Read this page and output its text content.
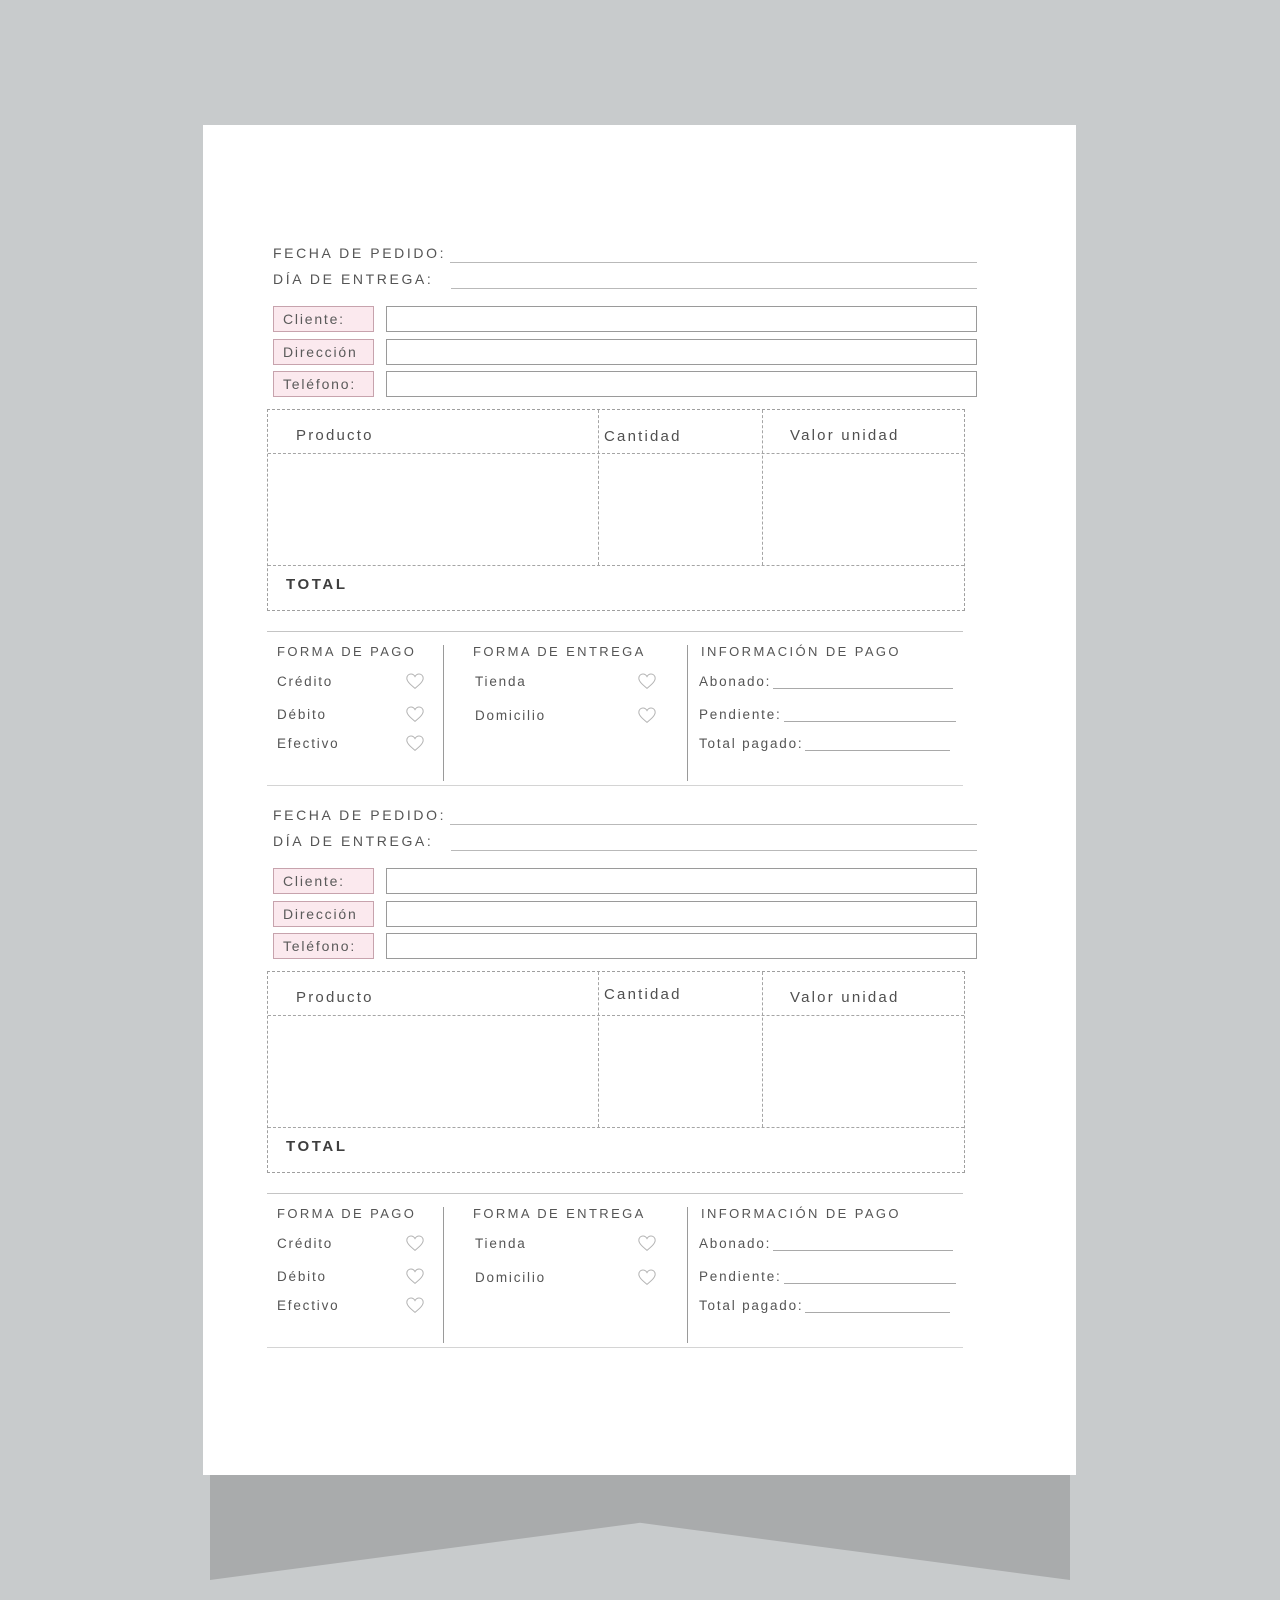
FECHA DE PEDIDO:
DÍA DE ENTREGA:
Cliente:
Dirección
Teléfono:
Producto	Cantidad	Valor unidad
TOTAL
FORMA DE PAGO
Crédito
Débito
Efectivo
FORMA DE ENTREGA
Tienda
Domicilio
INFORMACIÓN DE PAGO
Abonado:
Pendiente:
Total pagado:
FECHA DE PEDIDO:
DÍA DE ENTREGA:
Cliente:
Dirección
Teléfono:
Producto	Cantidad	Valor unidad
TOTAL
FORMA DE PAGO
Crédito
Débito
Efectivo
FORMA DE ENTREGA
Tienda
Domicilio
INFORMACIÓN DE PAGO
Abonado:
Pendiente:
Total pagado:
